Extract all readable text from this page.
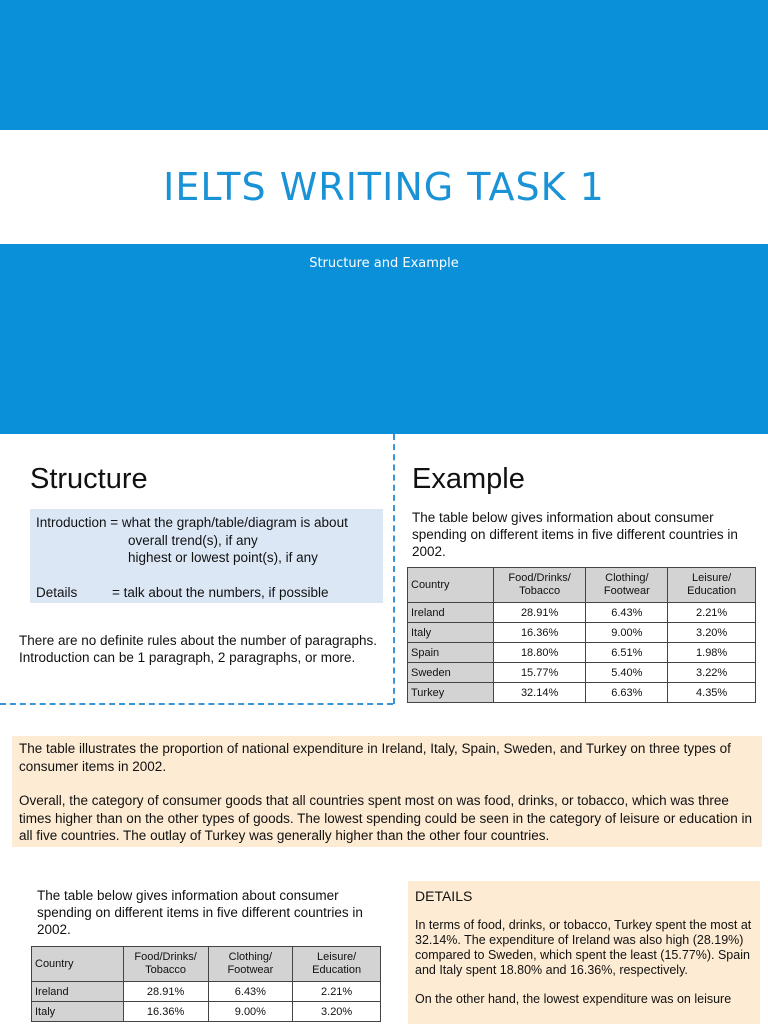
IELTS WRITING TASK 1
Structure and Example
Structure	Example
Introduction = what the graph/table/diagram is about
overall trend(s), if any
highest or lowest point(s), if any
Details	= talk about the numbers, if possible
There are no definite rules about the number of paragraphs. Introduction can be 1 paragraph, 2 paragraphs, or more.
The table below gives information about consumer spending on different items in five different countries in 2002.
Country	Food/Drinks/ Tobacco	Clothing/ Footwear	Leisure/ Education
Ireland	28.91%	6.43%	2.21%
Italy	16.36%	9.00%	3.20%
Spain	18.80%	6.51%	1.98%
Sweden	15.77%	5.40%	3.22%
Turkey	32.14%	6.63%	4.35%

The table illustrates the proportion of national expenditure in Ireland, Italy, Spain, Sweden, and Turkey on three types of consumer items in 2002.

Overall, the category of consumer goods that all countries spent most on was food, drinks, or tobacco, which was three times higher than on the other types of goods. The lowest spending could be seen in the category of leisure or education in all five countries. The outlay of Turkey was generally higher than the other four countries.

The table below gives information about consumer spending on different items in five different countries in 2002.
Country	Food/Drinks/ Tobacco	Clothing/ Footwear	Leisure/ Education
Ireland	28.91%	6.43%	2.21%
Italy	16.36%	9.00%	3.20%
DETAILS

In terms of food, drinks, or tobacco, Turkey spent the most at 32.14%. The expenditure of Ireland was also high (28.19%) compared to Sweden, which spent the least (15.77%). Spain and Italy spent 18.80% and 16.36%, respectively.

On the other hand, the lowest expenditure was on leisure
